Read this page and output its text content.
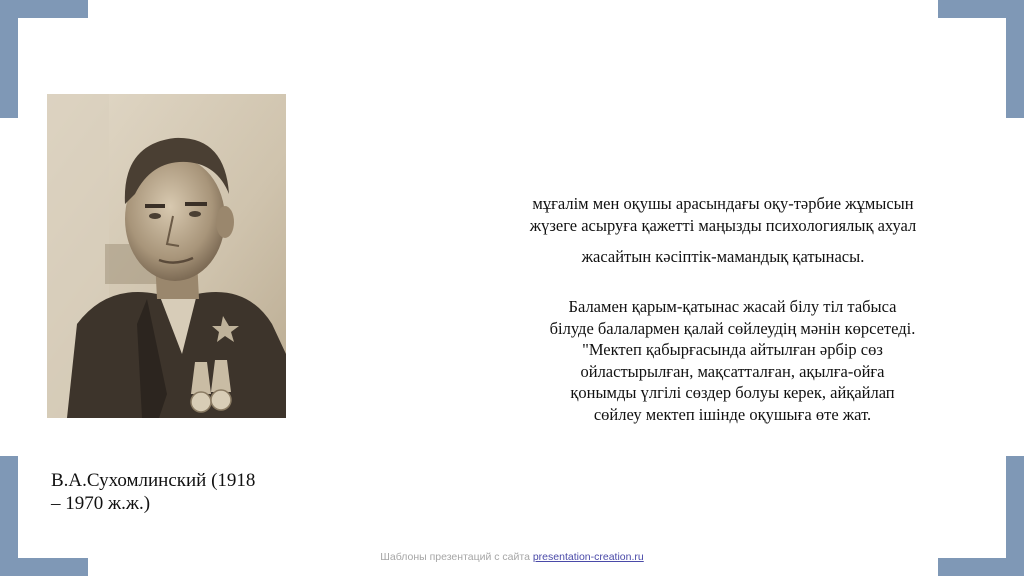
В.А.Сухомлинский (1918
– 1970 ж.ж.)
мұғалім мен оқушы арасындағы оқу-тәрбие жұмысын
жүзеге асыруға қажетті маңызды психологиялық ахуал
жасайтын кәсіптік-мамандық қатынасы.
Баламен қарым-қатынас жасай білу тіл табыса
білуде балалармен қалай сөйлеудің мәнін көрсетеді.
"Мектеп қабырғасында айтылған әрбір сөз
ойластырылған, мақсатталған, ақылға-ойға
қонымды үлгілі сөздер болуы керек, айқайлап
сөйлеу мектеп ішінде оқушыға өте жат.
Шаблоны презентаций с сайта presentation-creation.ru
